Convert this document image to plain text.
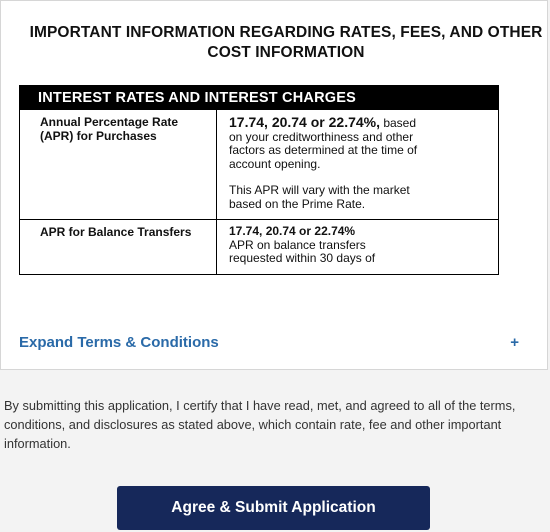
IMPORTANT INFORMATION REGARDING RATES, FEES, AND OTHER COST INFORMATION
INTEREST RATES AND INTEREST CHARGES	
Annual Percentage Rate (APR) for Purchases	17.74, 20.74 or 22.74%, based on your creditworthiness and other factors as determined at the time of account opening.

This APR will vary with the market based on the Prime Rate.

APR for Balance Transfers	17.74, 20.74 or 22.74%
APR on balance transfers requested within 30 days of

Expand Terms & Conditions	+
By submitting this application, I certify that I have read, met, and agreed to all of the terms, conditions, and disclosures as stated above, which contain rate, fee and other important information.
Agree & Submit Application
